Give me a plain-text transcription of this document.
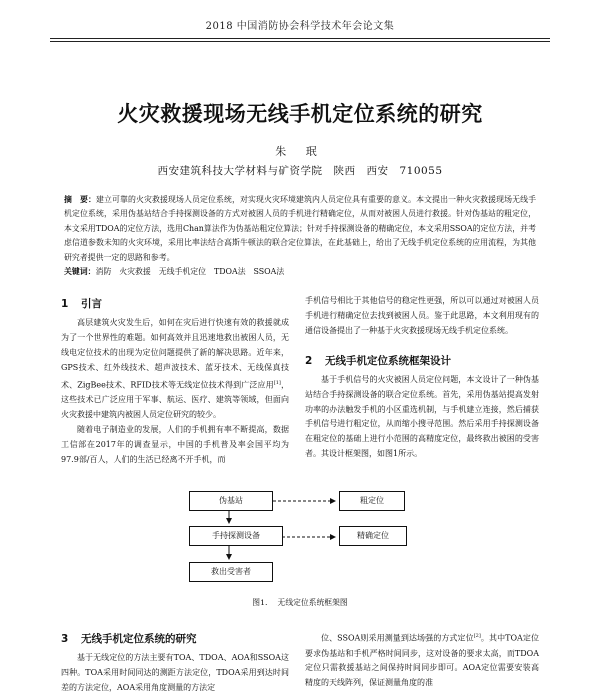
2018 中国消防协会科学技术年会论文集
火灾救援现场无线手机定位系统的研究
朱 珉
西安建筑科技大学材料与矿资学院　陕西　西安　710055
摘　要：建立可靠的火灾救援现场人员定位系统，对实现火灾环境建筑内人员定位具有重要的意义。本文提出一种火灾救援现场无线手机定位系统，采用伪基站结合手持探测设备的方式对被困人员的手机进行精确定位，从而对被困人员进行救援。针对伪基站的粗定位，本文采用TDOA的定位方法，选用Chan算法作为伪基站粗定位算法；针对手持探测设备的精确定位，本文采用SSOA的定位方法，并考虑信道参数未知的火灾环境，采用比率法结合高斯牛顿法的联合定位算法，在此基础上，给出了无线手机定位系统的应用流程，为其他研究者提供一定的思路和参考。
关键词：消防　火灾救援　无线手机定位　TDOA法　SSOA法
1 引言

高层建筑火灾发生后，如何在灾后进行快速有效的救援就成为了一个世界性的难题。如何高效并且迅速地救出被困人员，无线电定位技术的出现为定位问题提供了新的解决思路。近年来，GPS技术、红外线技术、超声波技术、蓝牙技术、无线保真技术、ZigBee技术、RFID技术等无线定位技术得到广泛应用[1]，这些技术已广泛应用于军事、航运、医疗、建筑等领域，但面向火灾救援中建筑内被困人员定位研究的较少。

随着电子制造业的发展，人们的手机拥有率不断提高，数据工信部在2017年的调查显示，中国的手机普及率会国平均为97.9部/百人，人们的生活已经离不开手机，而

手机信号相比于其他信号的稳定性更强，所以可以通过对被困人员手机进行精确定位去找到被困人员。鉴于此思路，本文利用现有的通信设备提出了一种基于火灾救援现场无线手机定位系统。

2 无线手机定位系统框架设计

基于手机信号的火灾被困人员定位问题，本文设计了一种伪基站结合手持探测设备的联合定位系统。首先，采用伪基站提高发射功率的办法触发手机的小区重选机制，与手机建立连接，然后捕获手机信号进行粗定位，从而缩小搜寻范围。然后采用手持探测设备在粗定位的基础上进行小范围的高精度定位，最终救出被困的受害者。其设计框架图，如图1所示。

伪基站	粗定位
手持探测设备	精确定位
救出受害者
图1. 无线定位系统框架图
3 无线手机定位系统的研究

基于无线定位的方法主要有TOA、TDOA、AOA和SSOA这四种。TOA采用时间同达的测距方法定位，TDOA采用到达时间差的方法定位，AOA采用角度测量的方法定

位、SSOA则采用测量到达场强的方式定位[2]。其中TOA定位要求伪基站和手机严格时间同步，这对设备的要求太高，而TDOA定位只需救援基站之间保持时间同步即可。AOA定位需要安装高精度的天线阵列，保证测量角度的准
